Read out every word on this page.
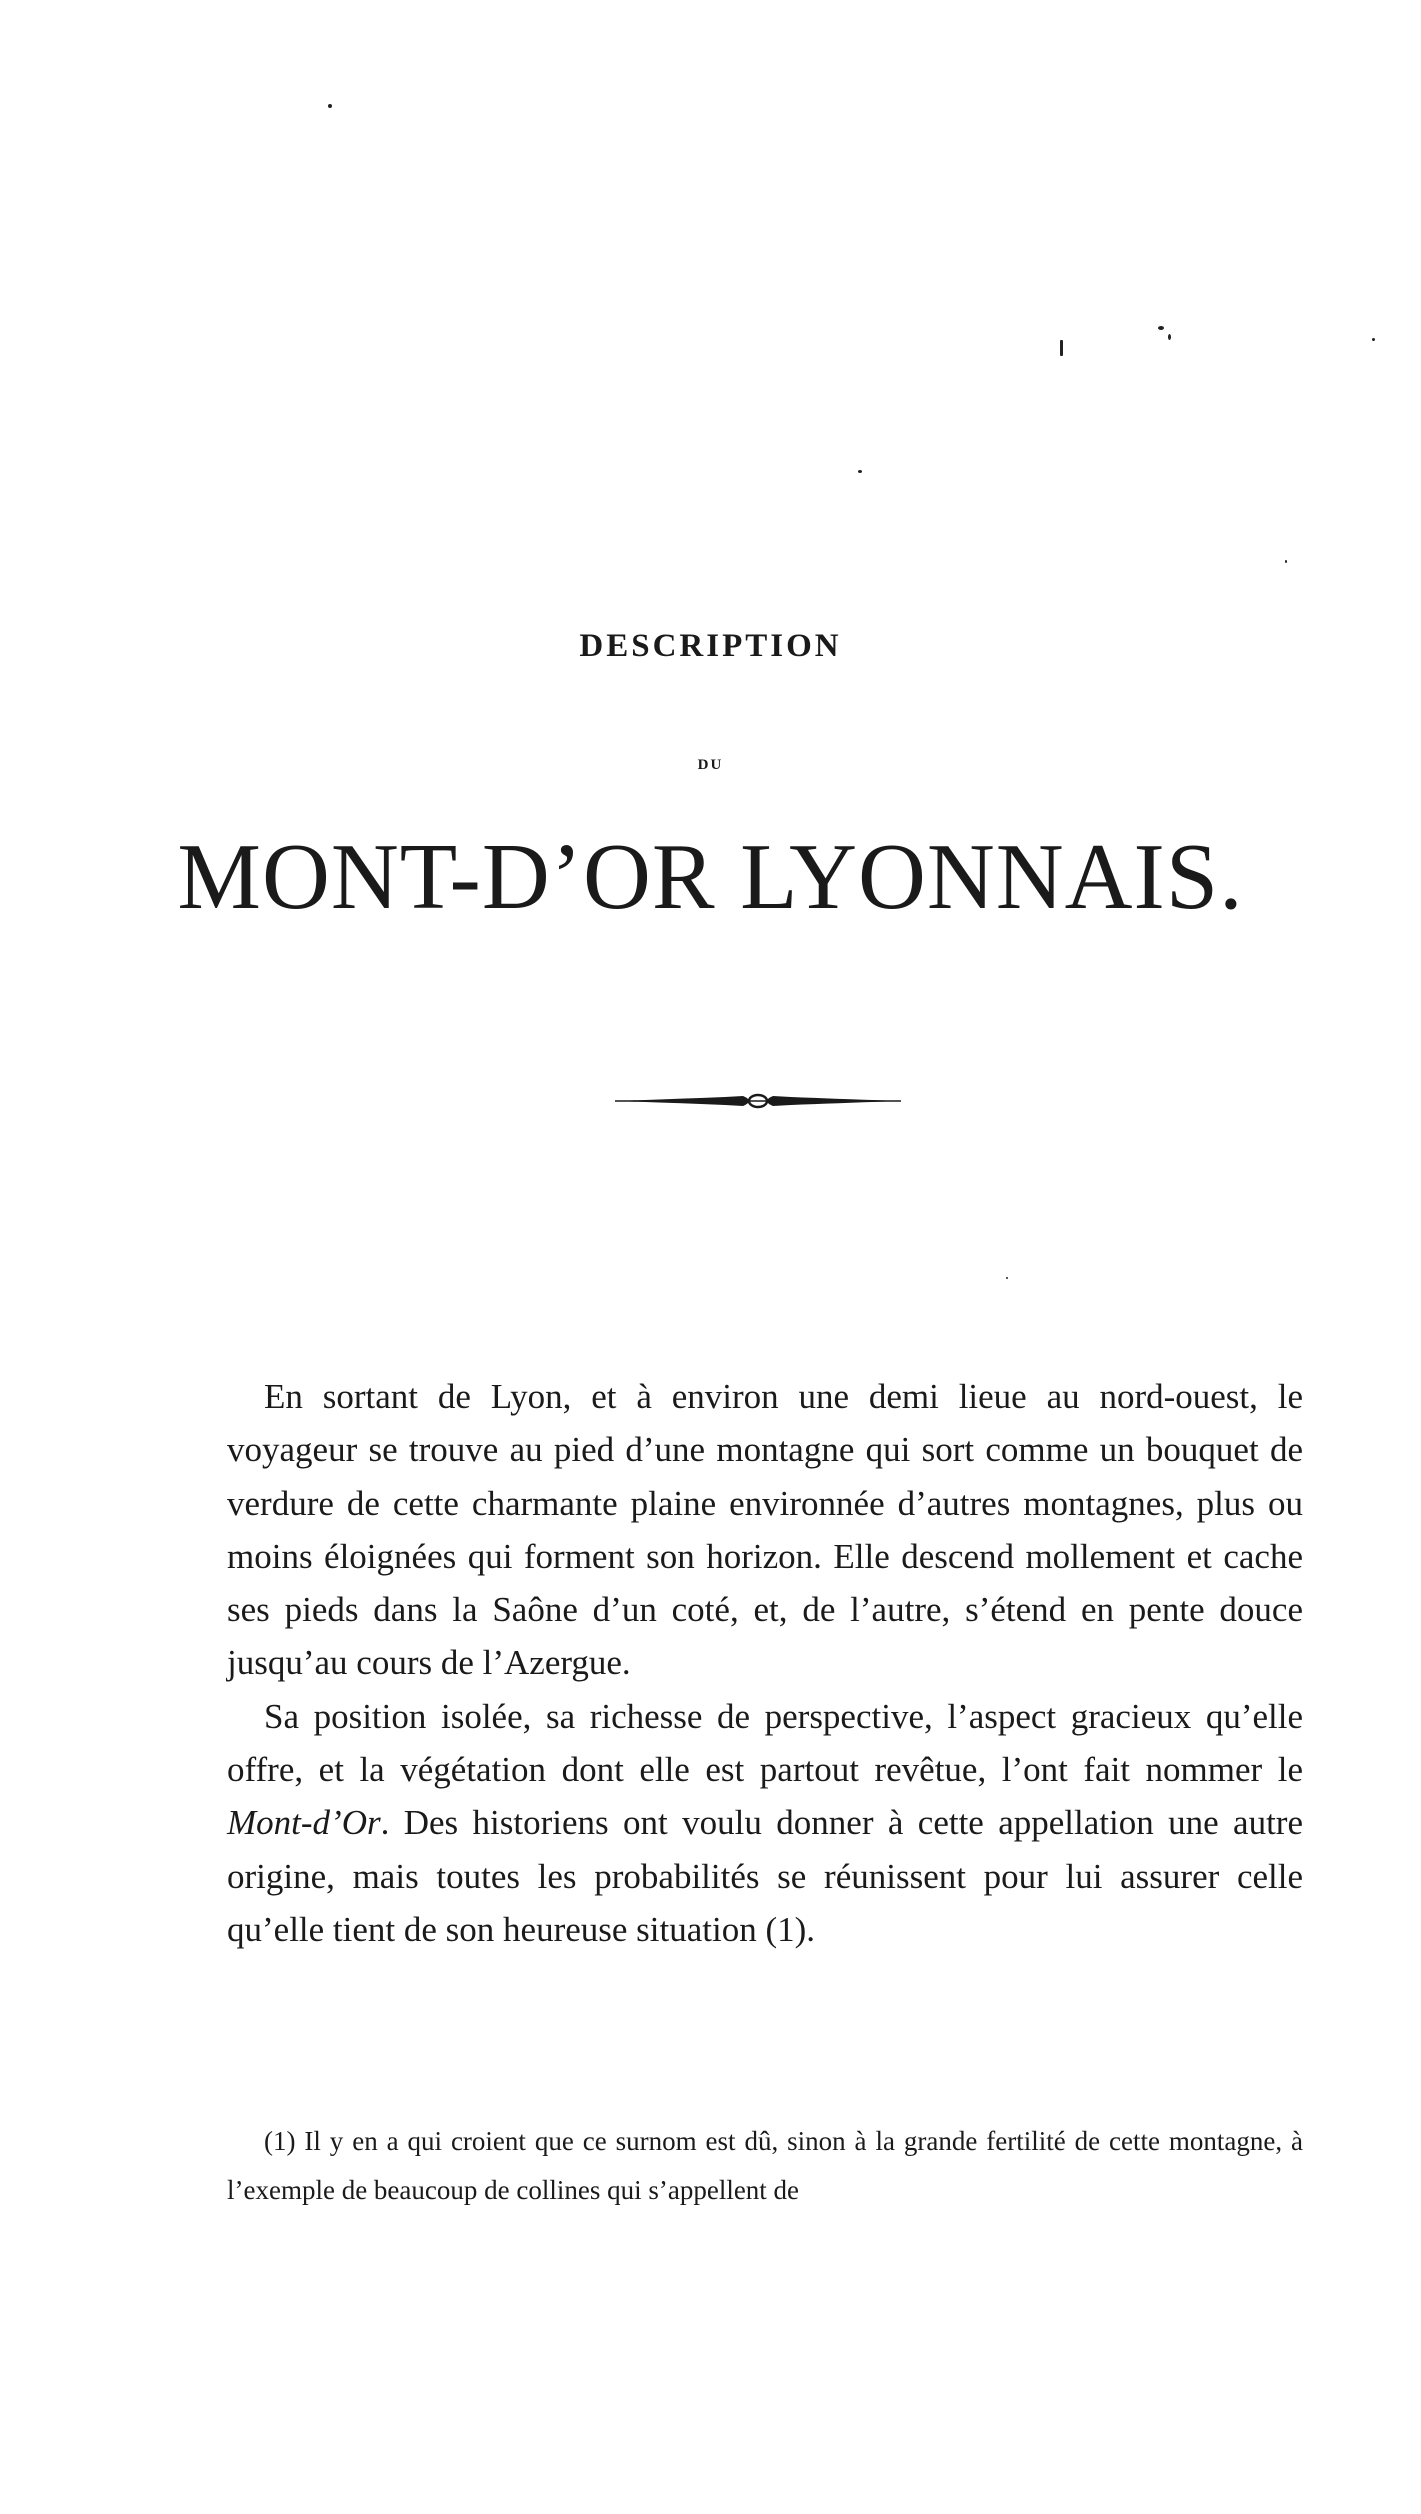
DESCRIPTION
DU
MONT-D’OR LYONNAIS.

En sortant de Lyon, et à environ une demi lieue au nord-ouest, le voyageur se trouve au pied d’une montagne qui sort comme un bouquet de verdure de cette charmante plaine environnée d’autres montagnes, plus ou moins éloignées qui forment son horizon. Elle descend mollement et cache ses pieds dans la Saône d’un coté, et, de l’autre, s’étend en pente douce jusqu’au cours de l’Azergue.

Sa position isolée, sa richesse de perspective, l’aspect gracieux qu’elle offre, et la végétation dont elle est partout revêtue, l’ont fait nommer le Mont-d’Or. Des historiens ont voulu donner à cette appellation une autre origine, mais toutes les probabilités se réunissent pour lui assurer celle qu’elle tient de son heureuse situation (1).

(1) Il y en a qui croient que ce surnom est dû, sinon à la grande fertilité de cette montagne, à l’exemple de beaucoup de collines qui s’appellent de
